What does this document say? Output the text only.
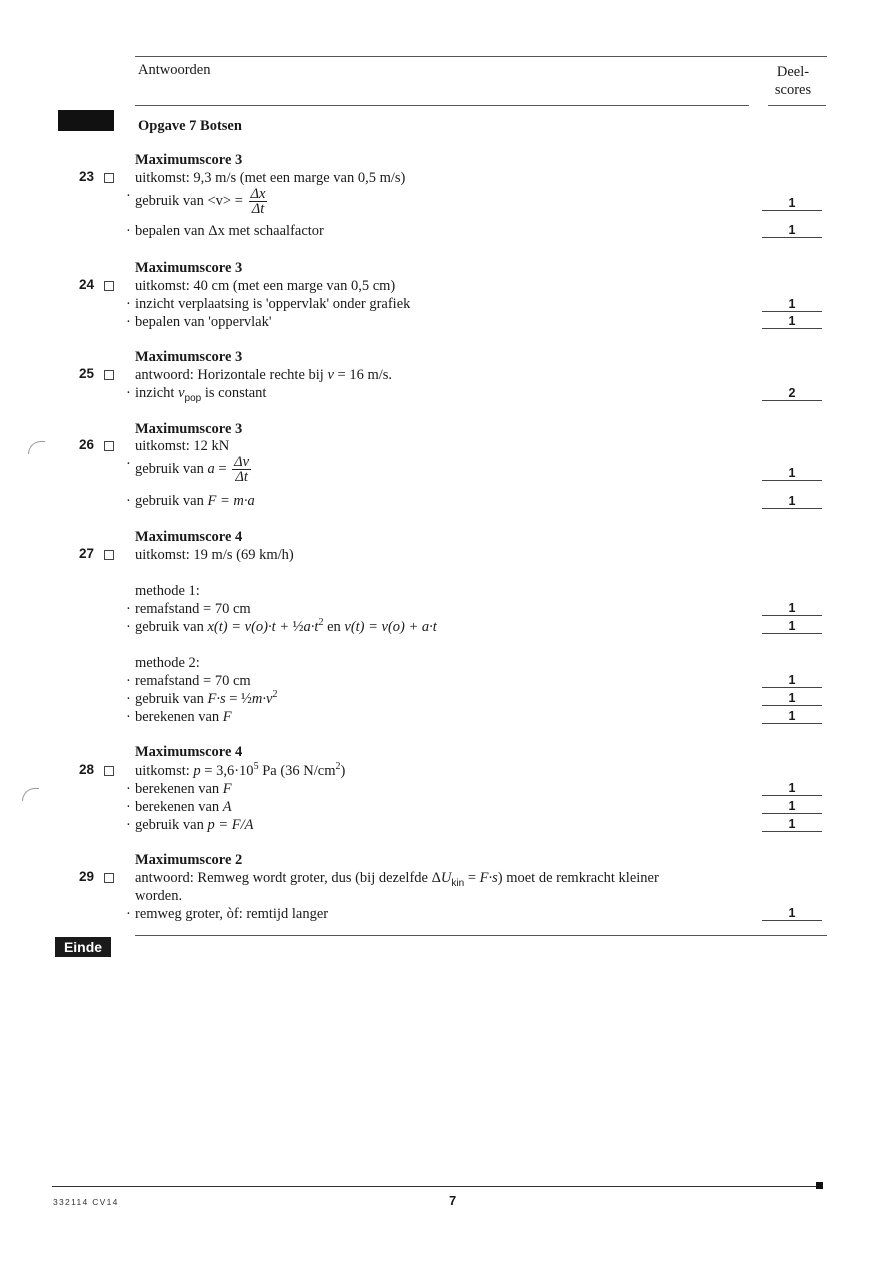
Antwoorden	Deel-
scores
Opgave 7 Botsen
Maximumscore 3
23	uitkomst: 9,3 m/s (met een marge van 0,5 m/s)
· gebruik van $<v> = \frac{\Delta x}{\Delta t}$	1
· bepalen van Δx met schaalfactor	1
Maximumscore 3
24	uitkomst: 40 cm (met een marge van 0,5 cm)
· inzicht verplaatsing is 'oppervlak' onder grafiek	1
· bepalen van 'oppervlak'	1
Maximumscore 3
25	antwoord: Horizontale rechte bij v = 16 m/s.
· inzicht $v_{pop}$ is constant	2
Maximumscore 3
26	uitkomst: 12 kN
· gebruik van $a = \frac{\Delta v}{\Delta t}$	1
· gebruik van F = m·a	1
Maximumscore 4
27	uitkomst: 19 m/s (69 km/h)
methode 1:
· remafstand = 70 cm	1
· gebruik van $x(t) = v(o)\cdot t + \frac{1}{2}a\cdot t^2$ en v(t) = v(o) + a·t	1
methode 2:
· remafstand = 70 cm	1
· gebruik van $F\cdot s = \frac{1}{2}m\cdot v^2$	1
· berekenen van F	1
Maximumscore 4
28	uitkomst: $p = 3,6\cdot 10^5$ Pa (36 $N/cm^2$)
· berekenen van F	1
· berekenen van A	1
· gebruik van p = F/A	1
Maximumscore 2
29	antwoord: Remweg wordt groter, dus (bij dezelfde $\Delta U_{kin} = F\cdot s$) moet de remkracht kleiner
worden.
· remweg groter, òf: remtijd langer	1
Einde
332114 CV14	7
